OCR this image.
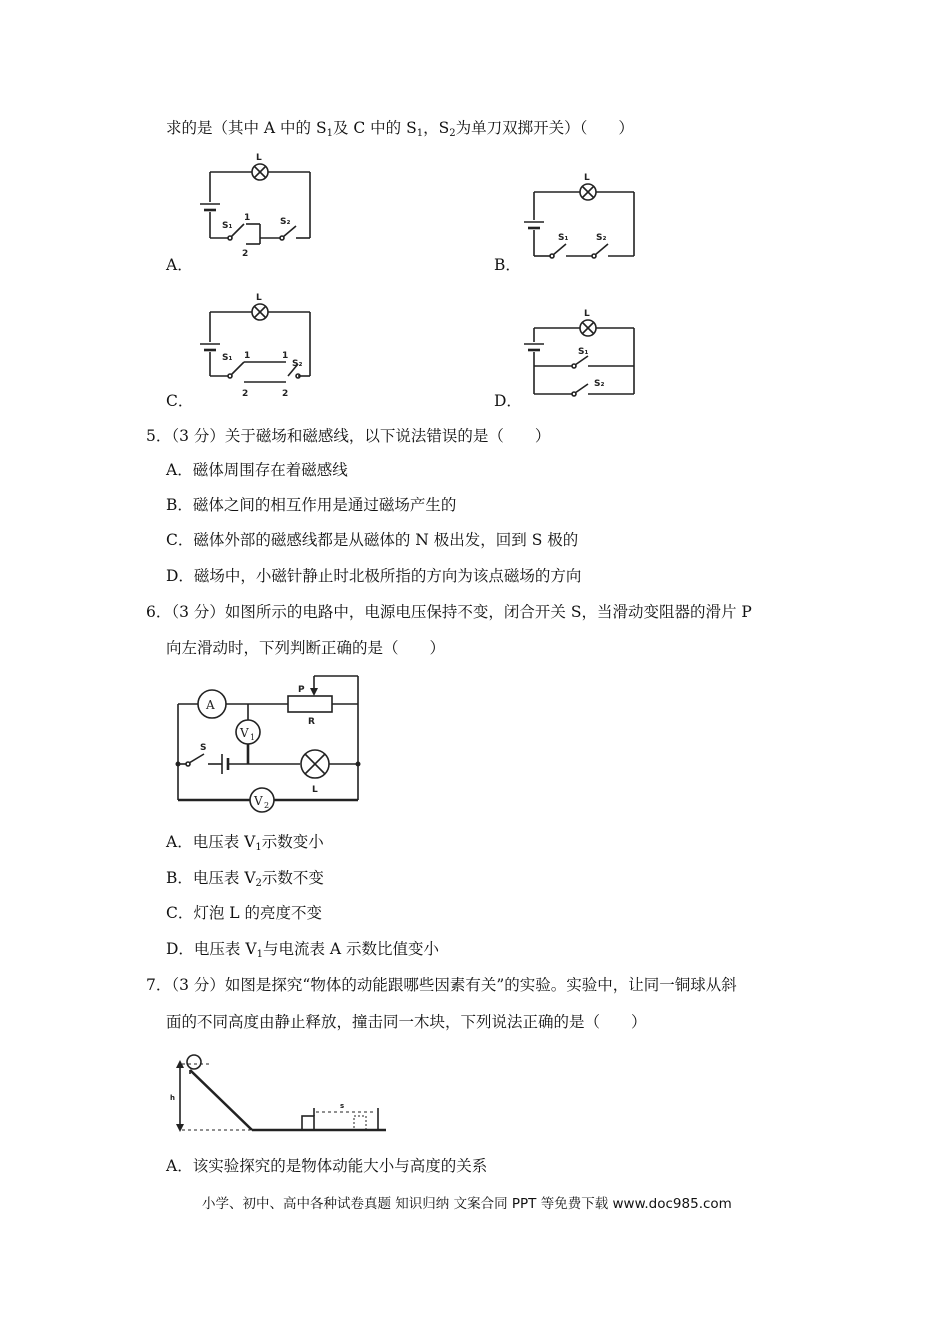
求的是（其中 A 中的 $S_1$及 C 中的 $S_1$，$S_2$为单刀双掷开关）（　　）
L
S₁
1
2
S₂
A．
L
S₁	S₂
B．
L
S₁ 1	1
2	2
S₂
C．
L
S₁
S₂
D．
5．（3 分）关于磁场和磁感线，以下说法错误的是（　　）
A．磁体周围存在着磁感线
B．磁体之间的相互作用是通过磁场产生的
C．磁体外部的磁感线都是从磁体的 N 极出发，回到 S 极的
D．磁场中，小磁针静止时北极所指的方向为该点磁场的方向
6．（3 分）如图所示的电路中，电源电压保持不变，闭合开关 S，当滑动变阻器的滑片 P
向左滑动时，下列判断正确的是（　　）
A
V 1
V 2
P
R
S
L
A．电压表 $V_1$示数变小
B．电压表 $V_2$示数不变
C．灯泡 L 的亮度不变
D．电压表 $V_1$与电流表 A 示数比值变小
7．（3 分）如图是探究“物体的动能跟哪些因素有关”的实验。实验中，让同一铜球从斜
面的不同高度由静止释放，撞击同一木块，下列说法正确的是（　　）
h
s
A．该实验探究的是物体动能大小与高度的关系
小学、初中、高中各种试卷真题 知识归纳 文案合同 PPT 等免费下载 www.doc985.com
